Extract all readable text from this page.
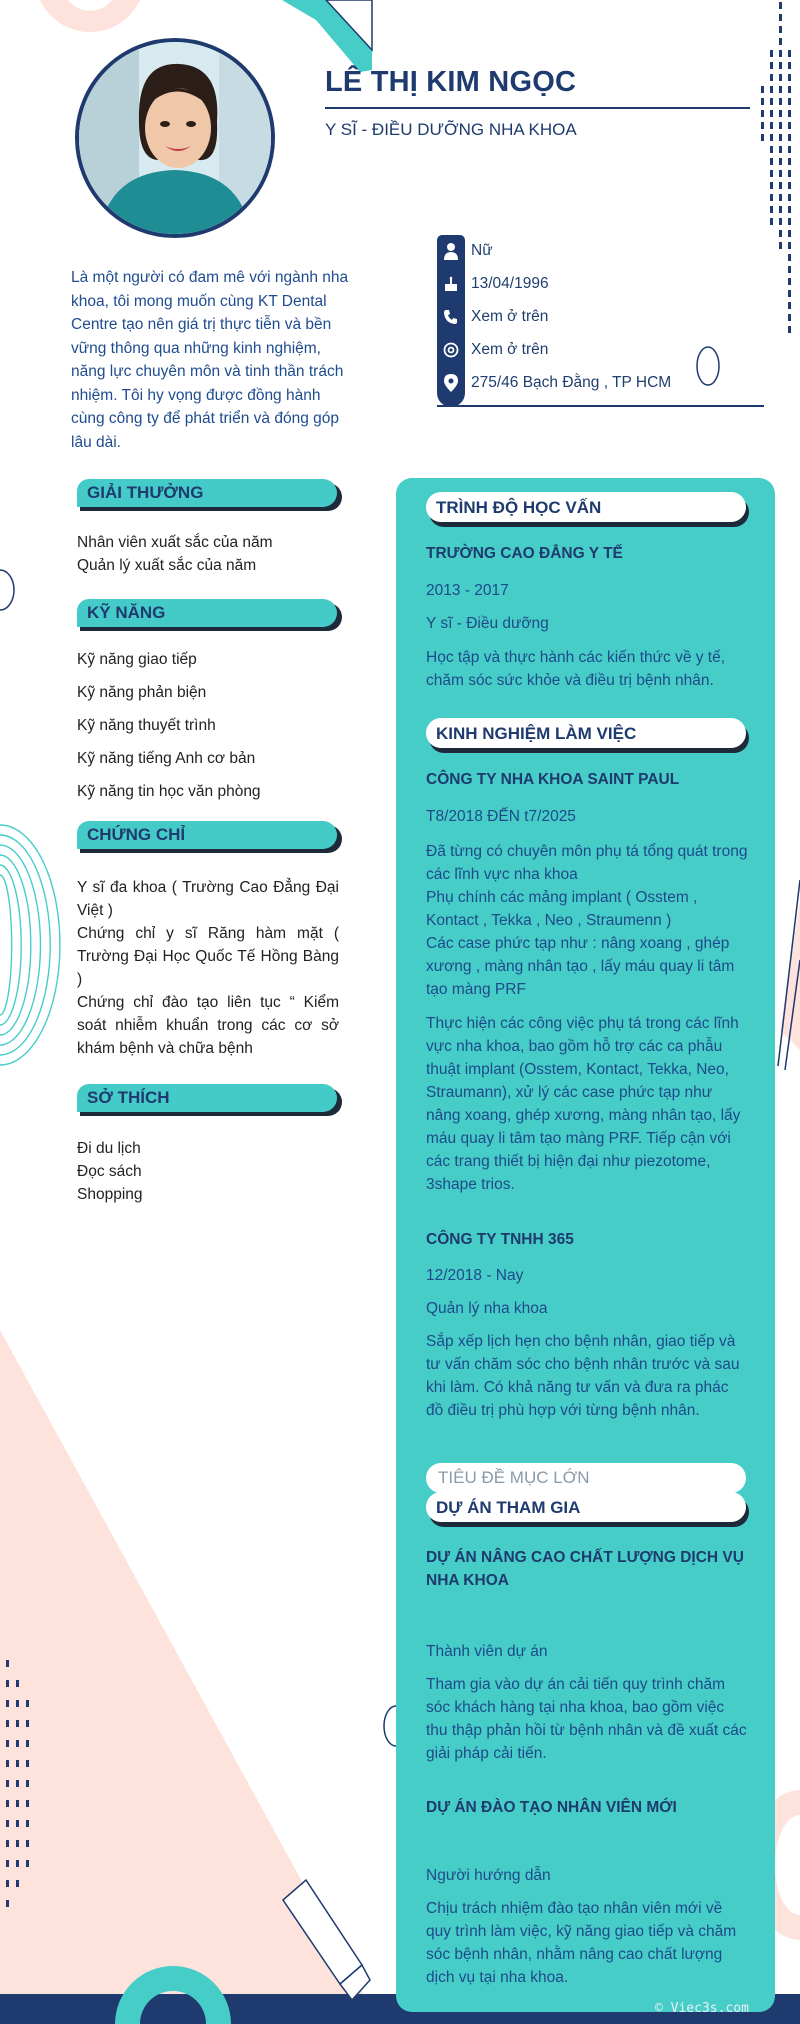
LÊ THỊ KIM NGỌC
Y SĨ - ĐIỀU DƯỠNG NHA KHOA
Là một người có đam mê với ngành nha khoa, tôi mong muốn cùng KT Dental Centre tạo nên giá trị thực tiễn và bền vững thông qua những kinh nghiệm, năng lực chuyên môn và tinh thần trách nhiệm. Tôi hy vọng được đồng hành cùng công ty để phát triển và đóng góp lâu dài.
Nữ
13/04/1996
Xem ở trên
Xem ở trên
275/46 Bạch Đằng , TP HCM
GIẢI THƯỞNG
Nhân viên xuất sắc của năm
Quản lý xuất sắc của năm
KỸ NĂNG
Kỹ năng giao tiếp
Kỹ năng phản biện
Kỹ năng thuyết trình
Kỹ năng tiếng Anh cơ bản
Kỹ năng tin học văn phòng
CHỨNG CHỈ
Y sĩ đa khoa ( Trường Cao Đẳng Đại Việt )
Chứng chỉ y sĩ Răng hàm mặt ( Trường Đại Học Quốc Tế Hồng Bàng )
Chứng chỉ đào tạo liên tục “ Kiểm soát nhiễm khuẩn trong các cơ sở khám bệnh và chữa bệnh
SỞ THÍCH
Đi du lịch
Đọc sách
Shopping
TRÌNH ĐỘ HỌC VẤN
TRƯỜNG CAO ĐẲNG Y TẾ
2013 - 2017
Y sĩ - Điều dưỡng
Học tập và thực hành các kiến thức về y tế, chăm sóc sức khỏe và điều trị bệnh nhân.
KINH NGHIỆM LÀM VIỆC
CÔNG TY NHA KHOA SAINT PAUL
T8/2018 ĐẾN t7/2025
Đã từng có chuyên môn phụ tá tổng quát trong các lĩnh vực nha khoa
Phụ chính các mảng implant ( Osstem , Kontact , Tekka , Neo , Straumenn )
Các case phức tạp như : nâng xoang , ghép xương , màng nhân tạo , lấy máu quay li tâm tạo màng PRF
Thực hiện các công việc phụ tá trong các lĩnh vực nha khoa, bao gồm hỗ trợ các ca phẫu thuật implant (Osstem, Kontact, Tekka, Neo, Straumann), xử lý các case phức tạp như nâng xoang, ghép xương, màng nhân tạo, lấy máu quay li tâm tạo màng PRF. Tiếp cận với các trang thiết bị hiện đại như piezotome, 3shape trios.
CÔNG TY TNHH 365
12/2018 - Nay
Quản lý nha khoa
Sắp xếp lịch hẹn cho bệnh nhân, giao tiếp và tư vấn chăm sóc cho bệnh nhân trước và sau khi làm. Có khả năng tư vấn và đưa ra phác đồ điều trị phù hợp với từng bệnh nhân.
TIÊU ĐỀ MỤC LỚN
DỰ ÁN THAM GIA
DỰ ÁN NÂNG CAO CHẤT LƯỢNG DỊCH VỤ NHA KHOA
Thành viên dự án
Tham gia vào dự án cải tiến quy trình chăm sóc khách hàng tại nha khoa, bao gồm việc thu thập phản hồi từ bệnh nhân và đề xuất các giải pháp cải tiến.
DỰ ÁN ĐÀO TẠO NHÂN VIÊN MỚI
Người hướng dẫn
Chịu trách nhiệm đào tạo nhân viên mới về quy trình làm việc, kỹ năng giao tiếp và chăm sóc bệnh nhân, nhằm nâng cao chất lượng dịch vụ tại nha khoa.
© Viec3s.com
